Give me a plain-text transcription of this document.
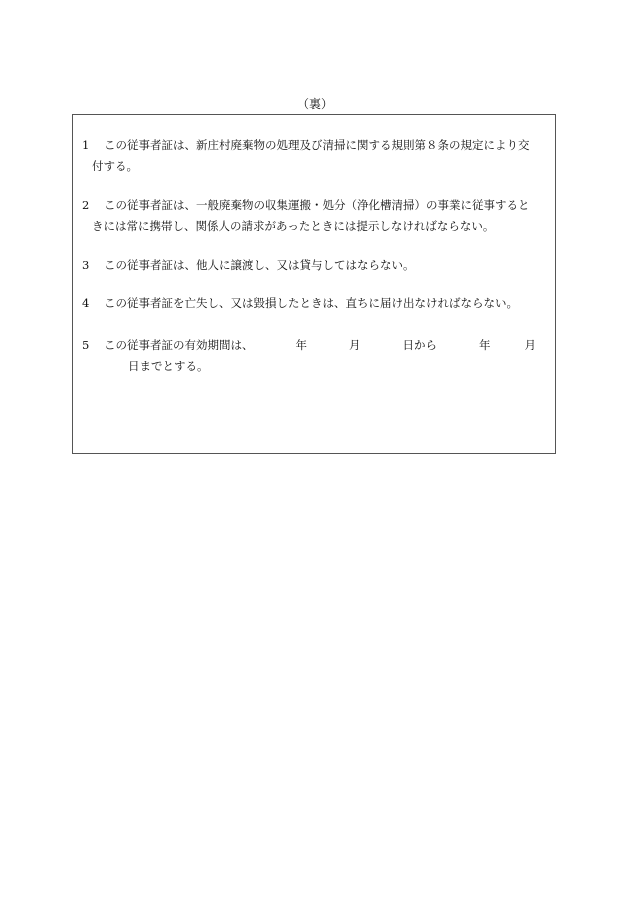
（裏）
1 この従事者証は、新庄村廃棄物の処理及び清掃に関する規則第８条の規定により交
付する。
2 この従事者証は、一般廃棄物の収集運搬・処分（浄化槽清掃）の事業に従事すると
きには常に携帯し、関係人の請求があったときには提示しなければならない。
3 この従事者証は、他人に譲渡し、又は貸与してはならない。
4 この従事者証を亡失し、又は毀損したときは、直ちに届け出なければならない。
5 この従事者証の有効期間は、	年	月	日から	年	月
日までとする。
